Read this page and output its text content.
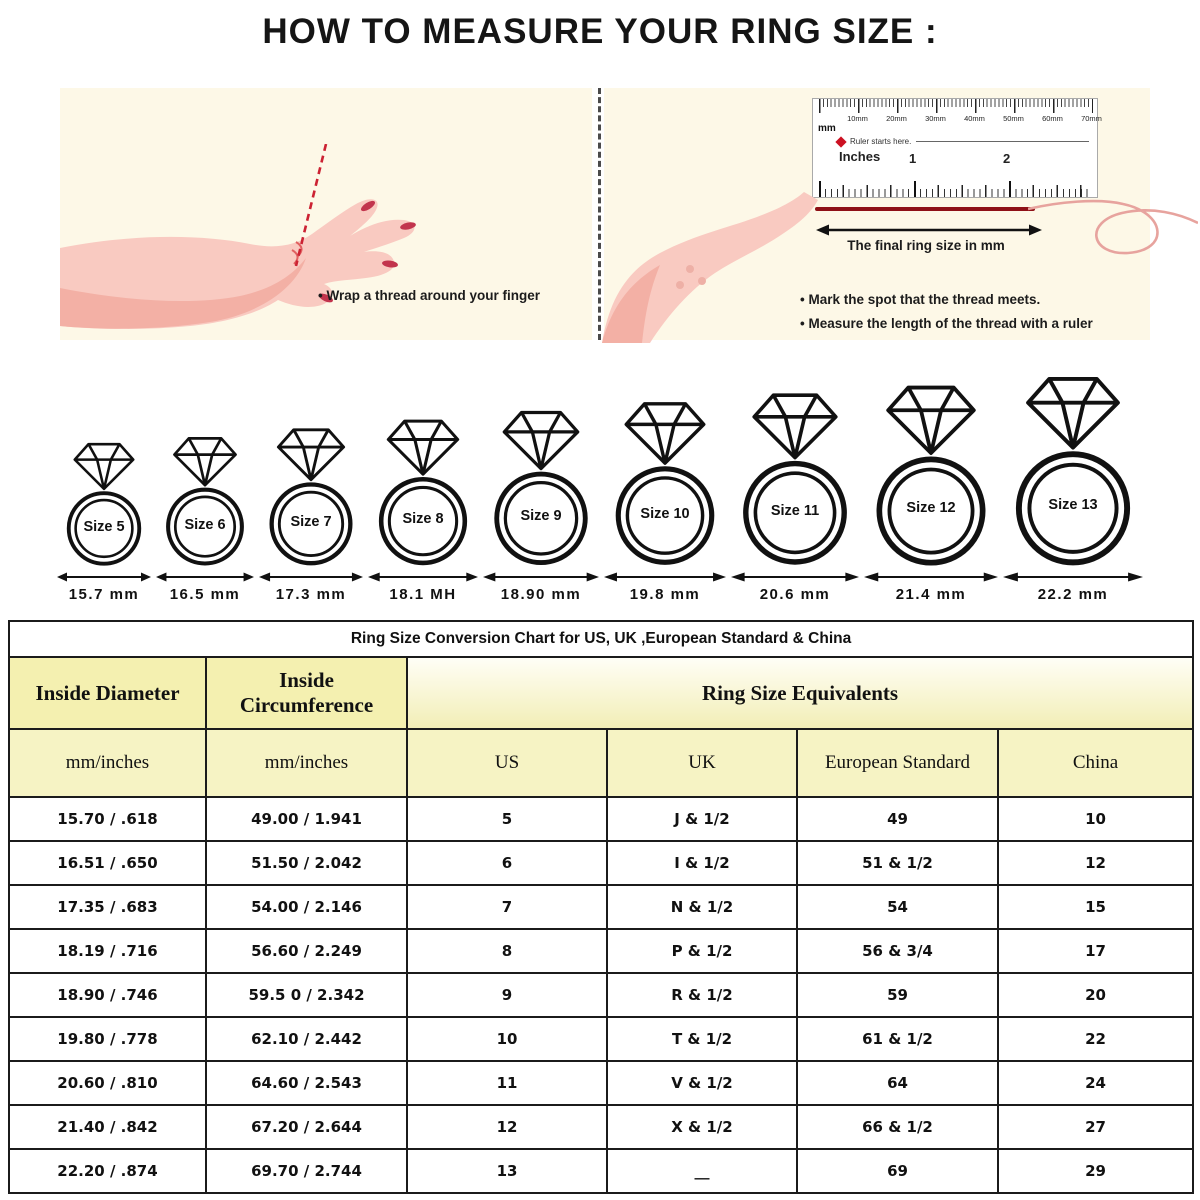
HOW TO MEASURE YOUR RING SIZE :
• Wrap a thread around your finger
10mm	20mm	30mm	40mm	50mm	60mm	70mm
mm
Ruler starts here.
Inches 1	2
The final ring size in mm
• Mark the spot that the thread meets.
• Measure the length of the thread with a ruler
Size 5
15.7 mm
Size 6
16.5 mm
Size 7
17.3 mm
Size 8
18.1 MH
Size 9
18.90 mm
Size 10
19.8 mm
Size 11
20.6 mm
Size 12
21.4 mm
Size 13
22.2 mm
Ring Size Conversion Chart for US, UK ,European Standard & China					
Inside Diameter	Inside Circumference	Ring Size Equivalents			
mm/inches	mm/inches	US	UK	European Standard	China
15.70 / .618	49.00 / 1.941	5	J & 1/2	49	10
16.51 / .650	51.50 / 2.042	6	I & 1/2	51 & 1/2	12
17.35 / .683	54.00 / 2.146	7	N & 1/2	54	15
18.19 / .716	56.60 / 2.249	8	P & 1/2	56 & 3/4	17
18.90 / .746	59.5 0 / 2.342	9	R & 1/2	59	20
19.80 / .778	62.10 / 2.442	10	T & 1/2	61 & 1/2	22
20.60 / .810	64.60 / 2.543	11	V & 1/2	64	24
21.40 / .842	67.20 / 2.644	12	X & 1/2	66 & 1/2	27
22.20 / .874	69.70 / 2.744	13	__	69	29
